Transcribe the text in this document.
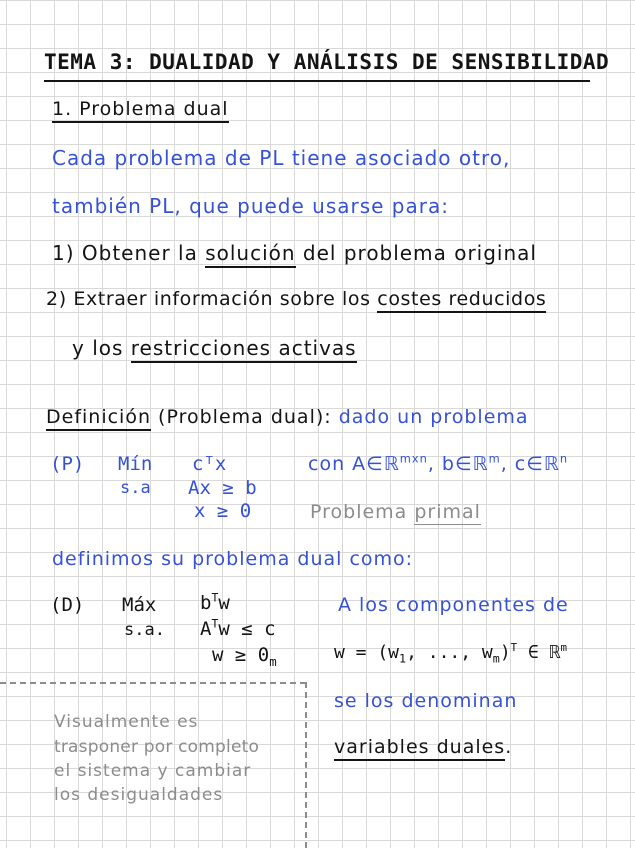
TEMA 3: DUALIDAD Y ANÁLISIS DE SENSIBILIDAD
1. Problema dual
Cada problema de PL tiene asociado otro,
también PL, que puede usarse para:
1) Obtener la solución del problema original
2) Extraer información sobre los costes reducidos
y los restricciones activas
Definición (Problema dual): dado un problema
(P) Mín
s.a
cᵀx
Ax ≥ b
x ≥ 0
con A∈ℝ$^{mxn}$, b∈ℝ$^m$, c∈ℝ$^n$
Problema primal
definimos su problema dual como:
(D) Máx
s.a.
$b^Tw$
$A^Tw \le c$
$w \ge 0_m$
A los componentes de
$w = (w_1$, ..., $w_m)^T$ ∈ ℝ$^m$
se los denominan
variables duales.
Visualmente es
trasponer por completo
el sistema y cambiar
los desigualdades
